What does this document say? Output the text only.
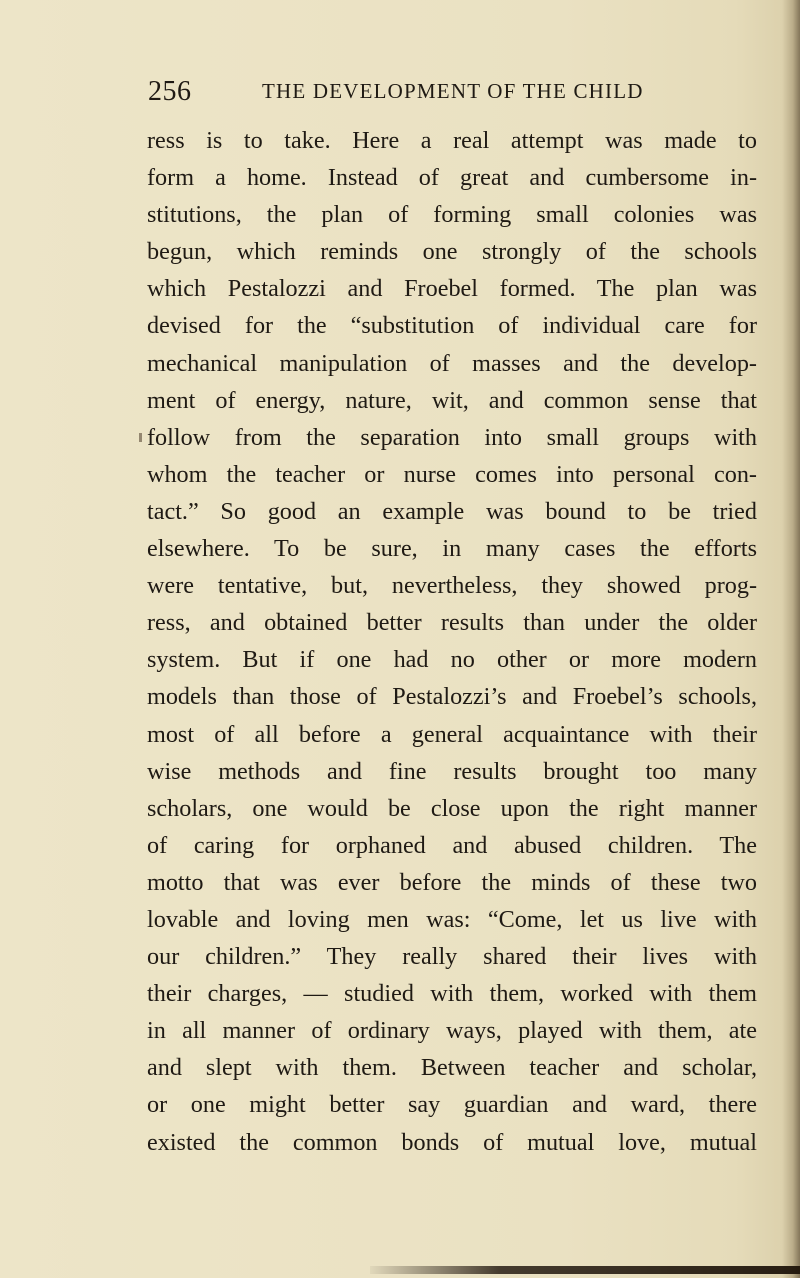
256	THE DEVELOPMENT OF THE CHILD
ress is to take. Here a real attempt was made to
form a home. Instead of great and cumbersome in-
stitutions, the plan of forming small colonies was
begun, which reminds one strongly of the schools
which Pestalozzi and Froebel formed. The plan was
devised for the “substitution of individual care for
mechanical manipulation of masses and the develop-
ment of energy, nature, wit, and common sense that
follow from the separation into small groups with
whom the teacher or nurse comes into personal con-
tact.” So good an example was bound to be tried
elsewhere. To be sure, in many cases the efforts
were tentative, but, nevertheless, they showed prog-
ress, and obtained better results than under the older
system. But if one had no other or more modern
models than those of Pestalozzi’s and Froebel’s schools,
most of all before a general acquaintance with their
wise methods and fine results brought too many
scholars, one would be close upon the right manner
of caring for orphaned and abused children. The
motto that was ever before the minds of these two
lovable and loving men was: “Come, let us live with
our children.” They really shared their lives with
their charges, — studied with them, worked with them
in all manner of ordinary ways, played with them, ate
and slept with them. Between teacher and scholar,
or one might better say guardian and ward, there
existed the common bonds of mutual love, mutual
